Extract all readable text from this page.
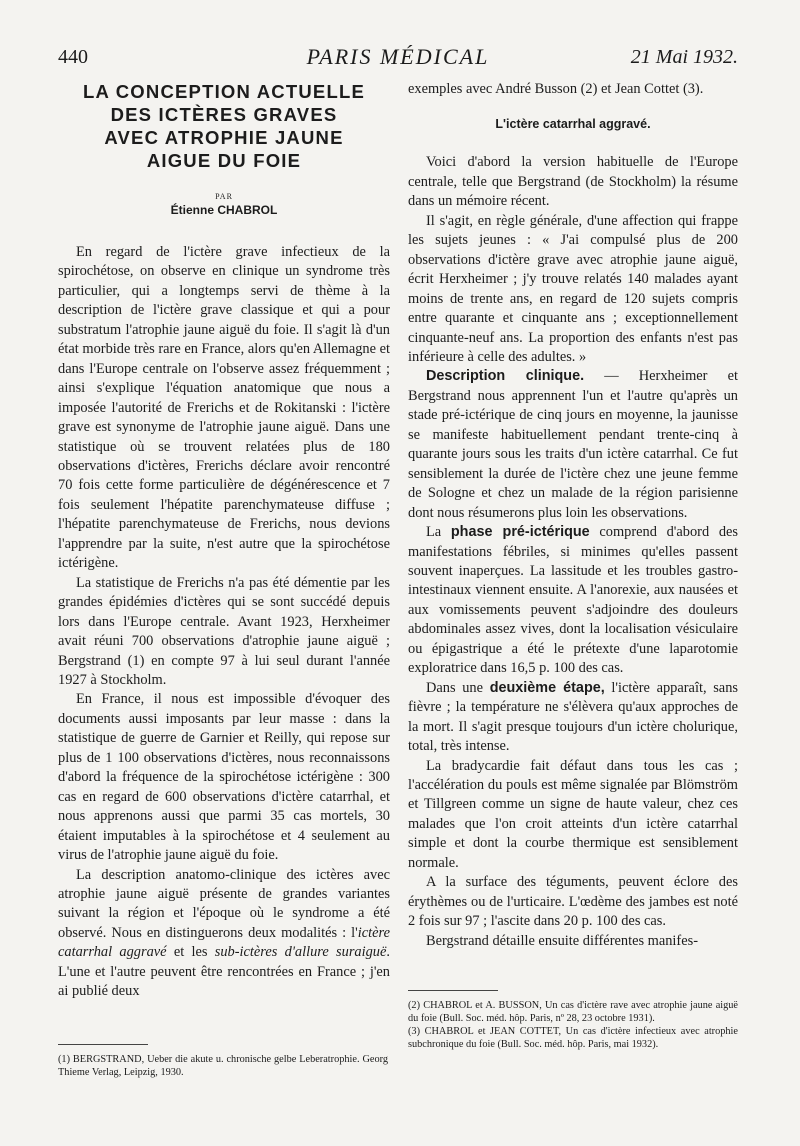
440	PARIS MÉDICAL	21 Mai 1932.
LA CONCEPTION ACTUELLE
DES ICTÈRES GRAVES
AVEC ATROPHIE JAUNE
AIGUE DU FOIE
PAR
Étienne CHABROL

En regard de l'ictère grave infectieux de la spirochétose, on observe en clinique un syndrome très particulier, qui a longtemps servi de thème à la description de l'ictère grave classique et qui a pour substratum l'atrophie jaune aiguë du foie. Il s'agit là d'un état morbide très rare en France, alors qu'en Allemagne et dans l'Europe centrale on l'observe assez fréquemment ; ainsi s'explique l'équation anatomique que nous a imposée l'autorité de Frerichs et de Rokitanski : l'ictère grave est synonyme de l'atrophie jaune aiguë. Dans une statistique où se trouvent relatées plus de 180 observations d'ictères, Frerichs déclare avoir rencontré 70 fois cette forme particulière de dégénérescence et 7 fois seulement l'hépatite parenchymateuse diffuse ; l'hépatite parenchymateuse de Frerichs, nous devions l'apprendre par la suite, n'est autre que la spirochétose ictérigène.

La statistique de Frerichs n'a pas été démentie par les grandes épidémies d'ictères qui se sont succédé depuis lors dans l'Europe centrale. Avant 1923, Herxheimer avait réuni 700 observations d'atrophie jaune aiguë ; Bergstrand (1) en compte 97 à lui seul durant l'année 1927 à Stockholm.

En France, il nous est impossible d'évoquer des documents aussi imposants par leur masse : dans la statistique de guerre de Garnier et Reilly, qui repose sur plus de 1 100 observations d'ictères, nous reconnaissons d'abord la fréquence de la spirochétose ictérigène : 300 cas en regard de 600 observations d'ictère catarrhal, et nous apprenons aussi que parmi 35 cas mortels, 30 étaient imputables à la spirochétose et 4 seulement au virus de l'atrophie jaune aiguë du foie.

La description anatomo-clinique des ictères avec atrophie jaune aiguë présente de grandes variantes suivant la région et l'époque où le syndrome a été observé. Nous en distinguerons deux modalités : l'ictère catarrhal aggravé et les sub-ictères d'allure suraiguë. L'une et l'autre peuvent être rencontrées en France ; j'en ai publié deux

exemples avec André Busson (2) et Jean Cottet (3).

L'ictère catarrhal aggravé.

Voici d'abord la version habituelle de l'Europe centrale, telle que Bergstrand (de Stockholm) la résume dans un mémoire récent.

Il s'agit, en règle générale, d'une affection qui frappe les sujets jeunes : « J'ai compulsé plus de 200 observations d'ictère grave avec atrophie jaune aiguë, écrit Herxheimer ; j'y trouve relatés 140 malades ayant moins de trente ans, en regard de 120 sujets compris entre quarante et cinquante ans ; exceptionnellement cinquante-neuf ans. La proportion des enfants n'est pas inférieure à celle des adultes. »

Description clinique. — Herxheimer et Bergstrand nous apprennent l'un et l'autre qu'après un stade pré-ictérique de cinq jours en moyenne, la jaunisse se manifeste habituellement pendant trente-cinq à quarante jours sous les traits d'un ictère catarrhal. Ce fut sensiblement la durée de l'ictère chez une jeune femme de Sologne et chez un malade de la région parisienne dont nous résumerons plus loin les observations.

La phase pré-ictérique comprend d'abord des manifestations fébriles, si minimes qu'elles passent souvent inaperçues. La lassitude et les troubles gastro-intestinaux viennent ensuite. A l'anorexie, aux nausées et aux vomissements peuvent s'adjoindre des douleurs abdominales assez vives, dont la localisation vésiculaire ou épigastrique a été le prétexte d'une laparotomie exploratrice dans 16,5 p. 100 des cas.

Dans une deuxième étape, l'ictère apparaît, sans fièvre ; la température ne s'élèvera qu'aux approches de la mort. Il s'agit presque toujours d'un ictère cholurique, total, très intense.

La bradycardie fait défaut dans tous les cas ; l'accélération du pouls est même signalée par Blömström et Tillgreen comme un signe de haute valeur, chez ces malades que l'on croit atteints d'un ictère catarrhal simple et dont la courbe thermique est sensiblement normale.

A la surface des téguments, peuvent éclore des érythèmes ou de l'urticaire. L'œdème des jambes est noté 2 fois sur 97 ; l'ascite dans 20 p. 100 des cas.

Bergstrand détaille ensuite différentes manifes-

(1) BERGSTRAND, Ueber die akute u. chronische gelbe Leberatrophie. Georg Thieme Verlag, Leipzig, 1930.

(2) CHABROL et A. BUSSON, Un cas d'ictère rave avec atrophie jaune aiguë du foie (Bull. Soc. méd. hôp. Paris, nº 28, 23 octobre 1931).

(3) CHABROL et JEAN COTTET, Un cas d'ictère infectieux avec atrophie subchronique du foie (Bull. Soc. méd. hôp. Paris, mai 1932).
